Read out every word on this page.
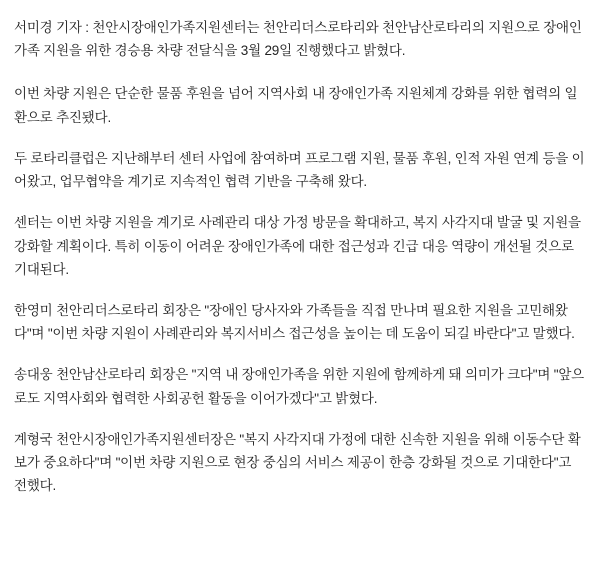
서미경 기자 : 천안시장애인가족지원센터는 천안리더스로타리와 천안남산로타리의 지원으로 장애인가족 지원을 위한 경승용 차량 전달식을 3월 29일 진행했다고 밝혔다.

이번 차량 지원은 단순한 물품 후원을 넘어 지역사회 내 장애인가족 지원체계 강화를 위한 협력의 일환으로 추진됐다.

두 로타리클럽은 지난해부터 센터 사업에 참여하며 프로그램 지원, 물품 후원, 인적 자원 연계 등을 이어왔고, 업무협약을 계기로 지속적인 협력 기반을 구축해 왔다.

센터는 이번 차량 지원을 계기로 사례관리 대상 가정 방문을 확대하고, 복지 사각지대 발굴 및 지원을 강화할 계획이다. 특히 이동이 어려운 장애인가족에 대한 접근성과 긴급 대응 역량이 개선될 것으로 기대된다.

한영미 천안리더스로타리 회장은 "장애인 당사자와 가족들을 직접 만나며 필요한 지원을 고민해왔다"며 "이번 차량 지원이 사례관리와 복지서비스 접근성을 높이는 데 도움이 되길 바란다"고 말했다.

송대웅 천안남산로타리 회장은 "지역 내 장애인가족을 위한 지원에 함께하게 돼 의미가 크다"며 "앞으로도 지역사회와 협력한 사회공헌 활동을 이어가겠다"고 밝혔다.

계형국 천안시장애인가족지원센터장은 "복지 사각지대 가정에 대한 신속한 지원을 위해 이동수단 확보가 중요하다"며 "이번 차량 지원으로 현장 중심의 서비스 제공이 한층 강화될 것으로 기대한다"고 전했다.
